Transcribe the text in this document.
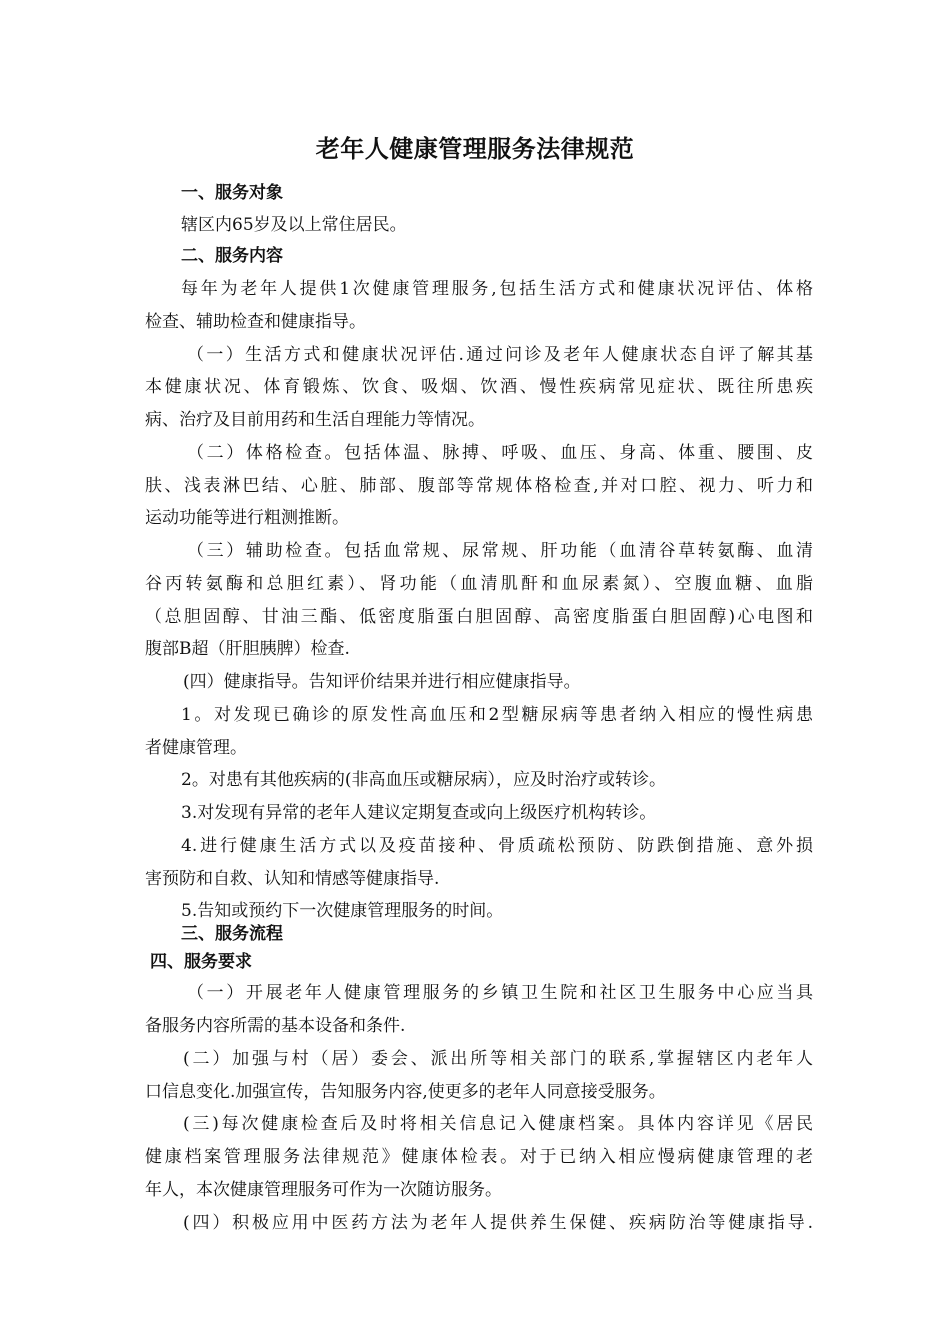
老年人健康管理服务法律规范

一、服务对象

辖区内65岁及以上常住居民。

二、服务内容

每年为老年人提供1次健康管理服务,包括生活方式和健康状况评估、体格

检查、辅助检查和健康指导。

（一）生活方式和健康状况评估.通过问诊及老年人健康状态自评了解其基

本健康状况、体育锻炼、饮食、吸烟、饮酒、慢性疾病常见症状、既往所患疾

病、治疗及目前用药和生活自理能力等情况。

（二）体格检查。包括体温、脉搏、呼吸、血压、身高、体重、腰围、皮

肤、浅表淋巴结、心脏、肺部、腹部等常规体格检查,并对口腔、视力、听力和

运动功能等进行粗测推断。

（三）辅助检查。包括血常规、尿常规、肝功能（血清谷草转氨酶、血清

谷丙转氨酶和总胆红素）、肾功能（血清肌酐和血尿素氮）、空腹血糖、血脂

（总胆固醇、甘油三酯、低密度脂蛋白胆固醇、高密度脂蛋白胆固醇)心电图和

腹部B超（肝胆胰脾）检查.

(四）健康指导。告知评价结果并进行相应健康指导。

1。对发现已确诊的原发性高血压和2型糖尿病等患者纳入相应的慢性病患

者健康管理。

2。对患有其他疾病的(非高血压或糖尿病），应及时治疗或转诊。

3.对发现有异常的老年人建议定期复查或向上级医疗机构转诊。

4.进行健康生活方式以及疫苗接种、骨质疏松预防、防跌倒措施、意外损

害预防和自救、认知和情感等健康指导.

5.告知或预约下一次健康管理服务的时间。

三、服务流程

四、服务要求

（一）开展老年人健康管理服务的乡镇卫生院和社区卫生服务中心应当具

备服务内容所需的基本设备和条件.

(二）加强与村（居）委会、派出所等相关部门的联系,掌握辖区内老年人

口信息变化.加强宣传，告知服务内容,使更多的老年人同意接受服务。

(三)每次健康检查后及时将相关信息记入健康档案。具体内容详见《居民

健康档案管理服务法律规范》健康体检表。对于已纳入相应慢病健康管理的老

年人，本次健康管理服务可作为一次随访服务。

(四）积极应用中医药方法为老年人提供养生保健、疾病防治等健康指导.
